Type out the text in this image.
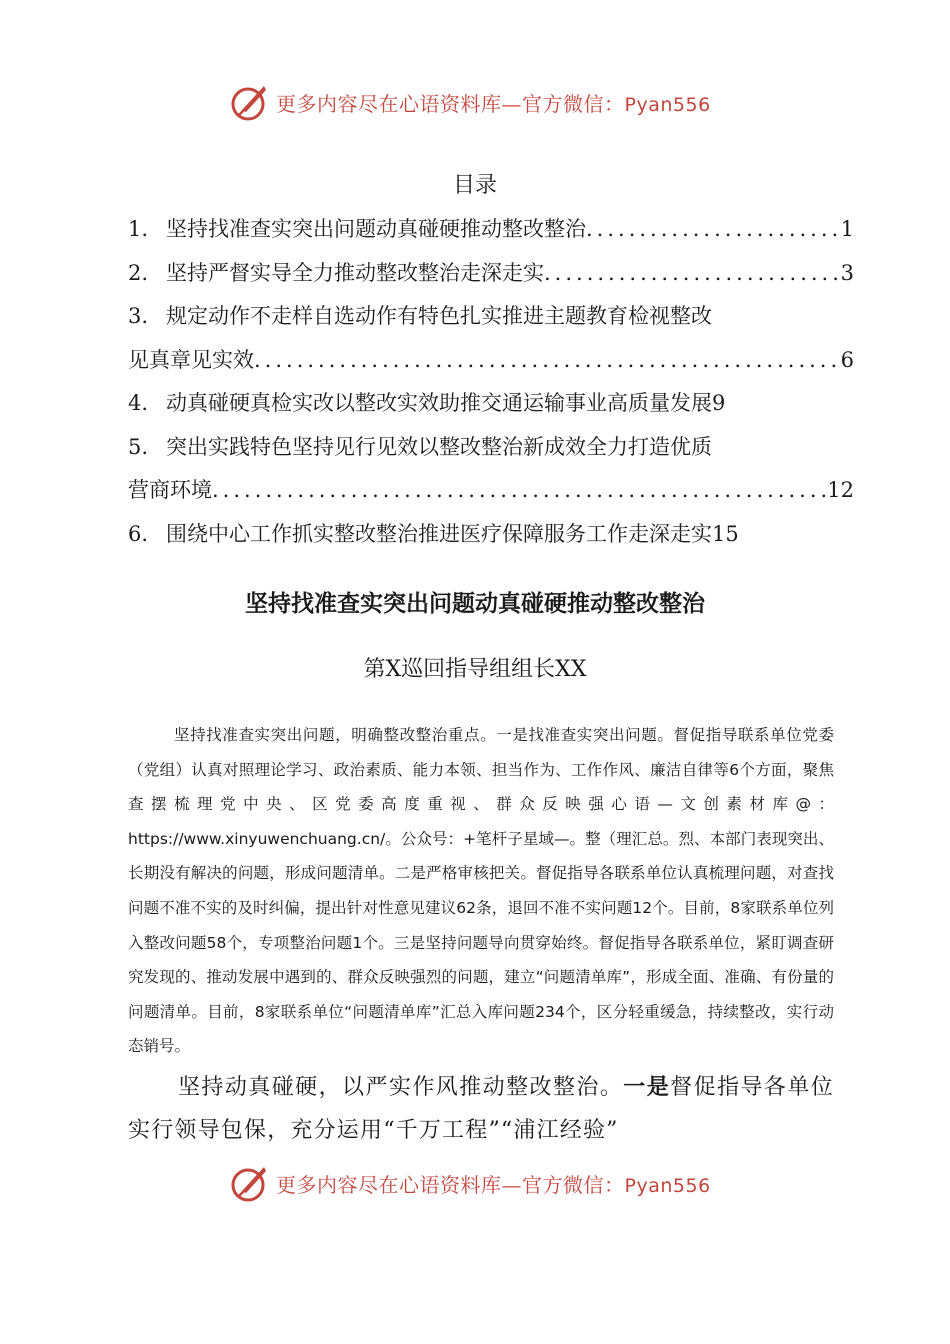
更多内容尽在心语资料库—官方微信：Pyan556
目录
1. 坚持找准查实突出问题动真碰硬推动整改整治 .....	1
2. 坚持严督实导全力推动整改整治走深走实 .....	3
3. 规定动作不走样自选动作有特色扎实推进主题教育检视整改
见真章见实效 .....	6
4. 动真碰硬真检实改以整改实效助推交通运输事业高质量发展 9
5. 突出实践特色坚持见行见效以整改整治新成效全力打造优质
营商环境 .....	12
6. 围绕中心工作抓实整改整治推进医疗保障服务工作走深走实 15
坚持找准查实突出问题动真碰硬推动整改整治
第X巡回指导组组长XX

坚持找准查实突出问题，明确整改整治重点。一是找准查实突出问题。督促指导联系单位党委（党组）认真对照理论学习、政治素质、能力本领、担当作为、工作作风、廉洁自律等6个方面，聚焦查摆梳理党中央、区党委高度重视、群众反映强心语—文创素材库@：https://www.xinyuwenchuang.cn/。公众号：+笔杆子星域—。整（理汇总。烈、本部门表现突出、长期没有解决的问题，形成问题清单。二是严格审核把关。督促指导各联系单位认真梳理问题，对查找问题不准不实的及时纠偏，提出针对性意见建议62条，退回不准不实问题12个。目前，8家联系单位列入整改问题58个，专项整治问题1个。三是坚持问题导向贯穿始终。督促指导各联系单位，紧盯调查研究发现的、推动发展中遇到的、群众反映强烈的问题，建立“问题清单库”，形成全面、准确、有份量的问题清单。目前，8家联系单位“问题清单库”汇总入库问题234个，区分轻重缓急，持续整改，实行动态销号。

坚持动真碰硬，以严实作风推动整改整治。一是督促指导各单位实行领导包保，充分运用“千万工程”“浦江经验”

更多内容尽在心语资料库—官方微信：Pyan556
